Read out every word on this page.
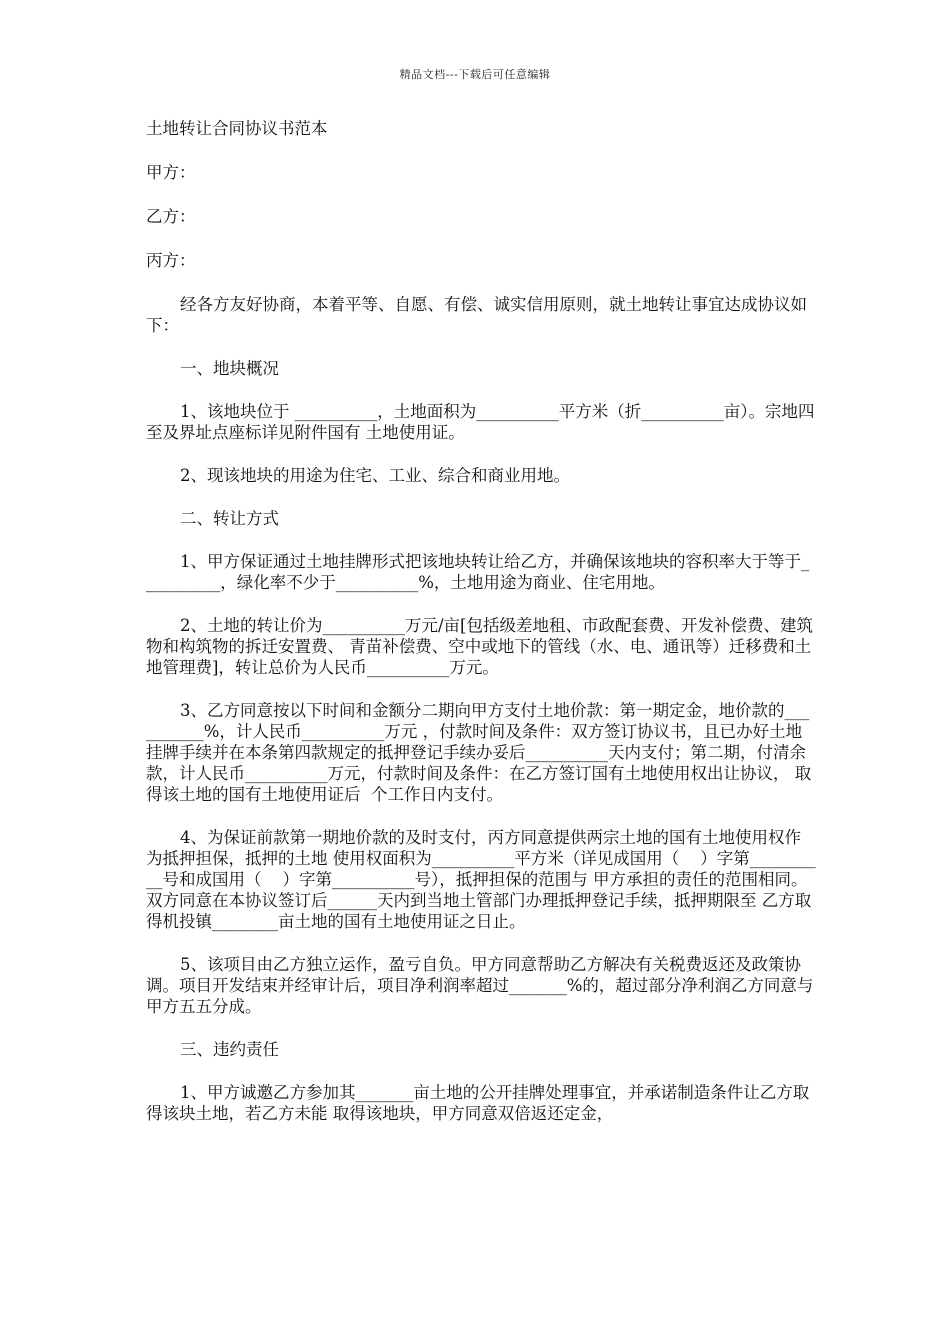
精品文档---下载后可任意编辑

土地转让合同协议书范本

甲方：

乙方：

丙方：

经各方友好协商，本着平等、自愿、有偿、诚实信用原则，就土地转让事宜达成协议如下：

一、地块概况

1、该地块位于 __________，土地面积为__________平方米（折__________亩）。宗地四至及界址点座标详见附件国有 土地使用证。

2、现该地块的用途为住宅、工业、综合和商业用地。

二、转让方式

1、甲方保证通过土地挂牌形式把该地块转让给乙方，并确保该地块的容积率大于等于__________，绿化率不少于__________%，土地用途为商业、住宅用地。

2、土地的转让价为__________万元/亩[包括级差地租、市政配套费、开发补偿费、建筑物和构筑物的拆迁安置费、 青苗补偿费、空中或地下的管线（水、电、通讯等）迁移费和土地管理费]，转让总价为人民币__________万元。

3、乙方同意按以下时间和金额分二期向甲方支付土地价款：第一期定金，地价款的__________%，计人民币__________万元 ，付款时间及条件：双方签订协议书，且已办好土地挂牌手续并在本条第四款规定的抵押登记手续办妥后__________天内支付；第二期，付清余款，计人民币__________万元，付款时间及条件：在乙方签订国有土地使用权出让协议， 取得该土地的国有土地使用证后  个工作日内支付。

4、为保证前款第一期地价款的及时支付，丙方同意提供两宗土地的国有土地使用权作为抵押担保，抵押的土地 使用权面积为__________平方米（详见成国用（    ）字第__________号和成国用（    ）字第__________号），抵押担保的范围与 甲方承担的责任的范围相同。双方同意在本协议签订后______天内到当地土管部门办理抵押登记手续，抵押期限至 乙方取得机投镇________亩土地的国有土地使用证之日止。

5、该项目由乙方独立运作，盈亏自负。甲方同意帮助乙方解决有关税费返还及政策协调。项目开发结束并经审计后，项目净利润率超过_______%的，超过部分净利润乙方同意与甲方五五分成。

三、违约责任

1、甲方诚邀乙方参加其_______亩土地的公开挂牌处理事宜，并承诺制造条件让乙方取得该块土地，若乙方未能 取得该地块，甲方同意双倍返还定金，
